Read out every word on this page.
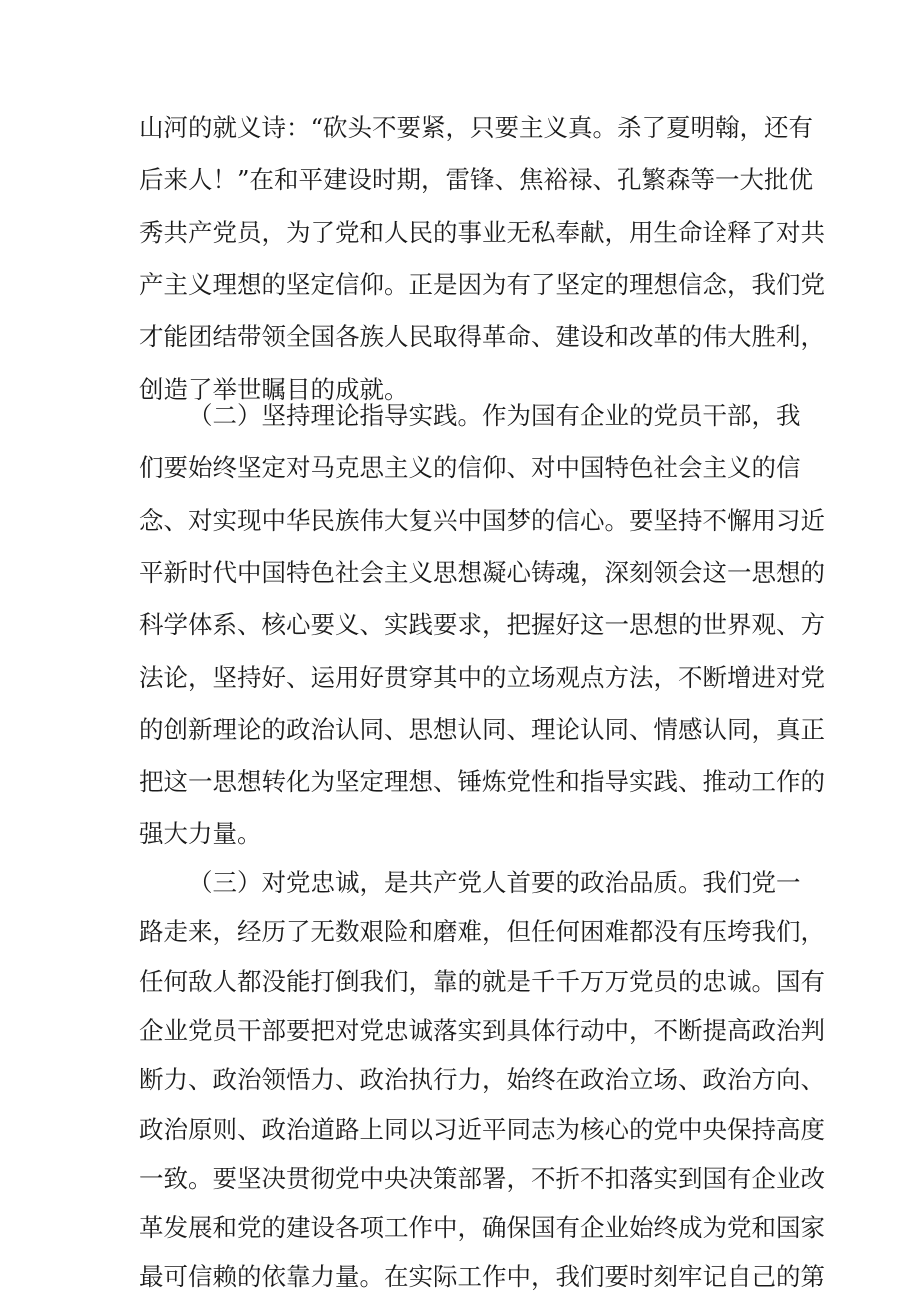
山河的就义诗：“砍头不要紧，只要主义真。杀了夏明翰，还有
后来人！”在和平建设时期，雷锋、焦裕禄、孔繁森等一大批优
秀共产党员，为了党和人民的事业无私奉献，用生命诠释了对共
产主义理想的坚定信仰。正是因为有了坚定的理想信念，我们党
才能团结带领全国各族人民取得革命、建设和改革的伟大胜利，
创造了举世瞩目的成就。
（二）坚持理论指导实践。作为国有企业的党员干部，我
们要始终坚定对马克思主义的信仰、对中国特色社会主义的信
念、对实现中华民族伟大复兴中国梦的信心。要坚持不懈用习近
平新时代中国特色社会主义思想凝心铸魂，深刻领会这一思想的
科学体系、核心要义、实践要求，把握好这一思想的世界观、方
法论，坚持好、运用好贯穿其中的立场观点方法，不断增进对党
的创新理论的政治认同、思想认同、理论认同、情感认同，真正
把这一思想转化为坚定理想、锤炼党性和指导实践、推动工作的
强大力量。
（三）对党忠诚，是共产党人首要的政治品质。我们党一
路走来，经历了无数艰险和磨难，但任何困难都没有压垮我们，
任何敌人都没能打倒我们，靠的就是千千万万党员的忠诚。国有
企业党员干部要把对党忠诚落实到具体行动中，不断提高政治判
断力、政治领悟力、政治执行力，始终在政治立场、政治方向、
政治原则、政治道路上同以习近平同志为核心的党中央保持高度
一致。要坚决贯彻党中央决策部署，不折不扣落实到国有企业改
革发展和党的建设各项工作中，确保国有企业始终成为党和国家
最可信赖的依靠力量。在实际工作中，我们要时刻牢记自己的第
